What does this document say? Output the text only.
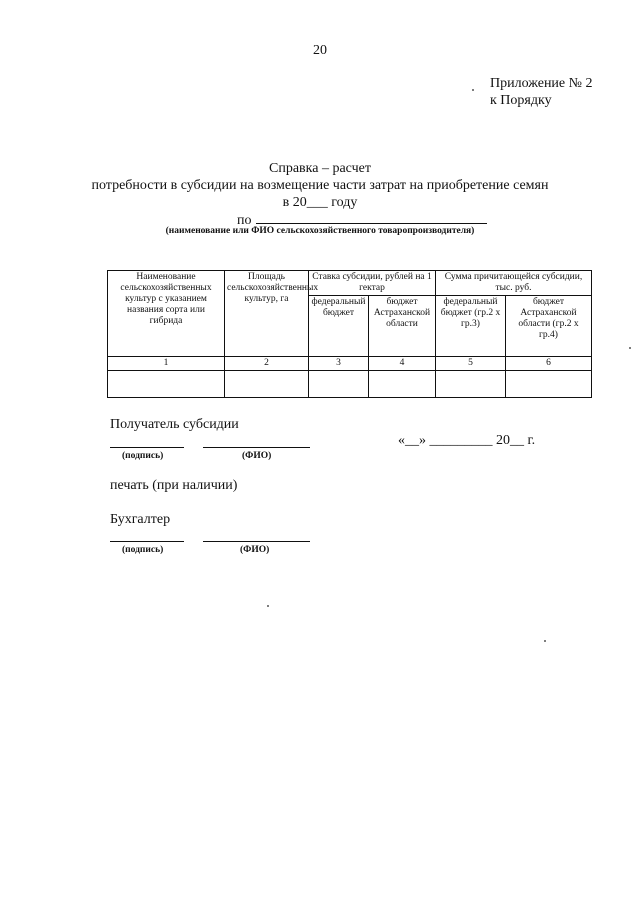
20
Приложение № 2
к Порядку
Справка – расчет
потребности в субсидии на возмещение части затрат на приобретение семян
в 20___ году
по
(наименование или ФИО сельскохозяйственного товаропроизводителя)
Наименование сельскохозяйственных культур с указанием названия сорта или гибрида	Площадь сельскохозяйственных культур, га	Ставка субсидии, рублей на 1 гектар		Сумма причитающейся субсидии, тыс. руб.	
		федеральный бюджет	бюджет Астраханской области	федеральный бюджет (гр.2 х гр.3)	бюджет Астраханской области (гр.2 х гр.4)
1	2	3	4	5	6

Получатель субсидии
(подпись)	(ФИО)
«__» _________ 20__ г.
печать (при наличии)
Бухгалтер
(подпись)	(ФИО)
